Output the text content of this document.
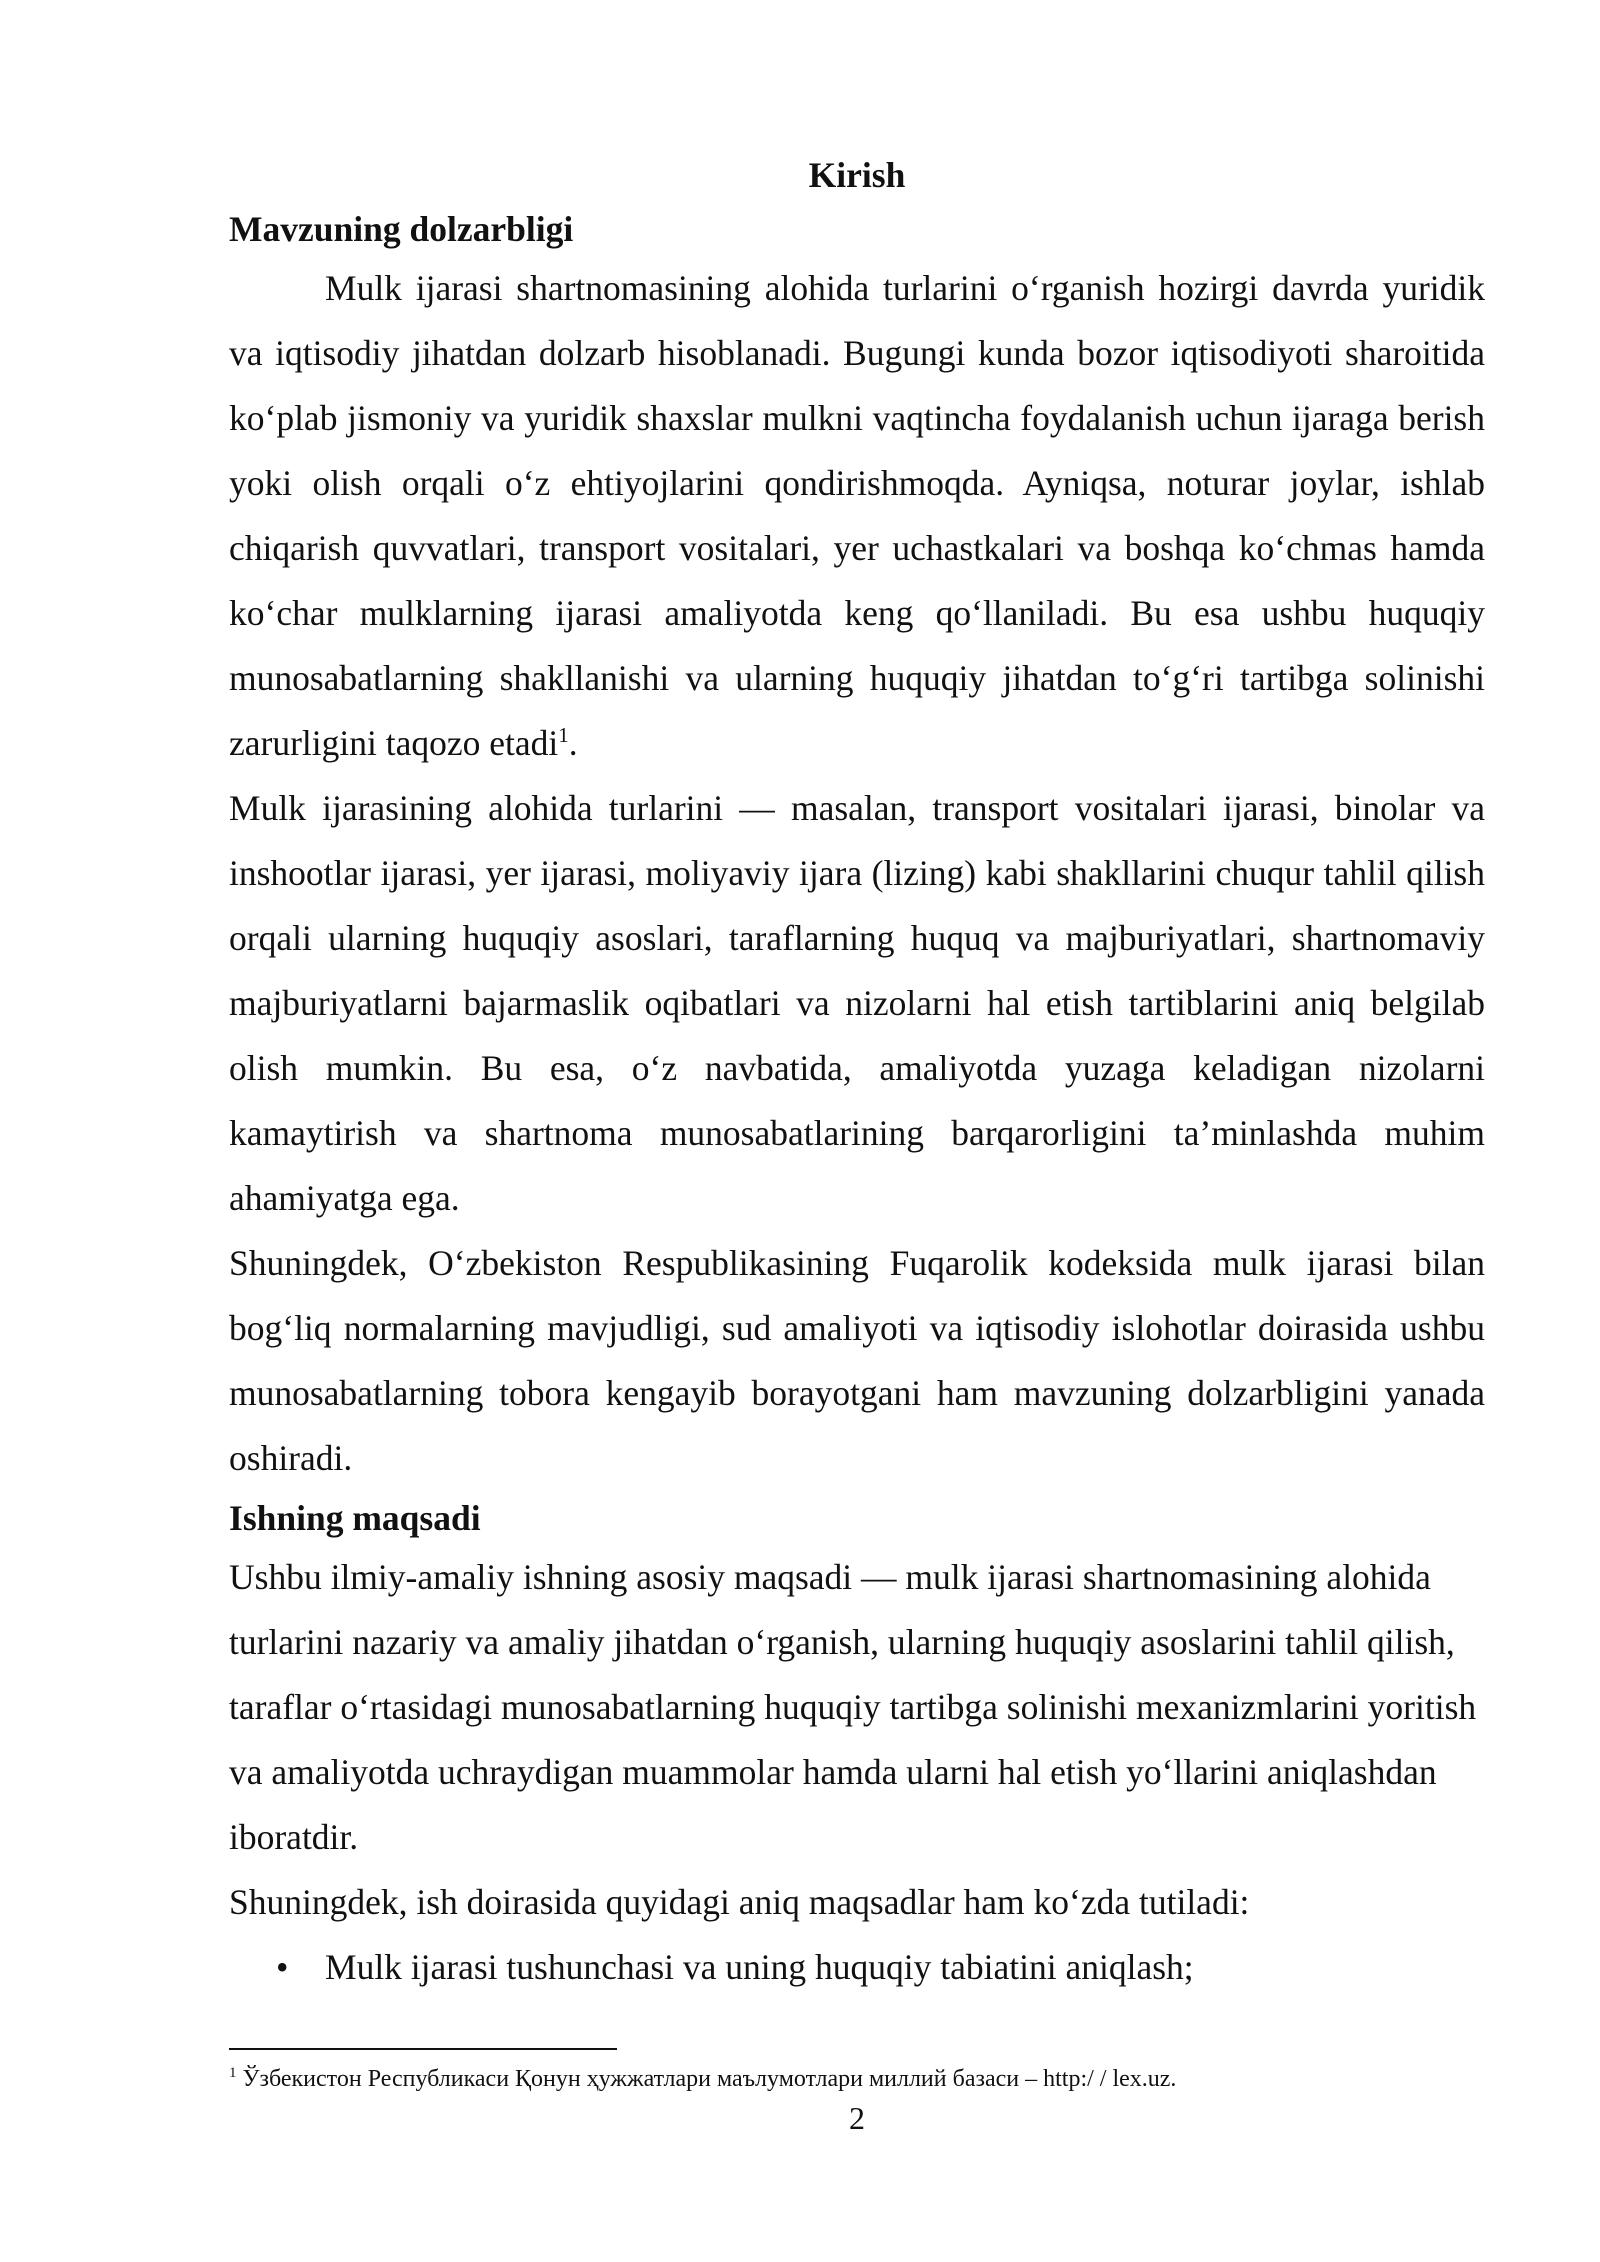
Kirish

Mavzuning dolzarbligi

Mulk ijarasi shartnomasining alohida turlarini o‘rganish hozirgi davrda yuridik va iqtisodiy jihatdan dolzarb hisoblanadi. Bugungi kunda bozor iqtisodiyoti sharoitida ko‘plab jismoniy va yuridik shaxslar mulkni vaqtincha foydalanish uchun ijaraga berish yoki olish orqali o‘z ehtiyojlarini qondirishmoqda. Ayniqsa, noturar joylar, ishlab chiqarish quvvatlari, transport vositalari, yer uchastkalari va boshqa ko‘chmas hamda ko‘char mulklarning ijarasi amaliyotda keng qo‘llaniladi. Bu esa ushbu huquqiy munosabatlarning shakllanishi va ularning huquqiy jihatdan to‘g‘ri tartibga solinishi zarurligini taqozo etadi$^1$.

Mulk ijarasining alohida turlarini — masalan, transport vositalari ijarasi, binolar va inshootlar ijarasi, yer ijarasi, moliyaviy ijara (lizing) kabi shakllarini chuqur tahlil qilish orqali ularning huquqiy asoslari, taraflarning huquq va majburiyatlari, shartnomaviy majburiyatlarni bajarmaslik oqibatlari va nizolarni hal etish tartiblarini aniq belgilab olish mumkin. Bu esa, o‘z navbatida, amaliyotda yuzaga keladigan nizolarni kamaytirish va shartnoma munosabatlarining barqarorligini ta’minlashda muhim ahamiyatga ega.

Shuningdek, O‘zbekiston Respublikasining Fuqarolik kodeksida mulk ijarasi bilan bog‘liq normalarning mavjudligi, sud amaliyoti va iqtisodiy islohotlar doirasida ushbu munosabatlarning tobora kengayib borayotgani ham mavzuning dolzarbligini yanada oshiradi.

Ishning maqsadi

Ushbu ilmiy-amaliy ishning asosiy maqsadi — mulk ijarasi shartnomasining alohida turlarini nazariy va amaliy jihatdan o‘rganish, ularning huquqiy asoslarini tahlil qilish, taraflar o‘rtasidagi munosabatlarning huquqiy tartibga solinishi mexanizmlarini yoritish va amaliyotda uchraydigan muammolar hamda ularni hal etish yo‘llarini aniqlashdan iboratdir.

Shuningdek, ish doirasida quyidagi aniq maqsadlar ham ko‘zda tutiladi:

• Mulk ijarasi tushunchasi va uning huquqiy tabiatini aniqlash;
$^1$ Ўзбекистон Республикаси Қонун ҳужжатлари маълумотлари миллий базаси – http:/ / lex.uz.
2
